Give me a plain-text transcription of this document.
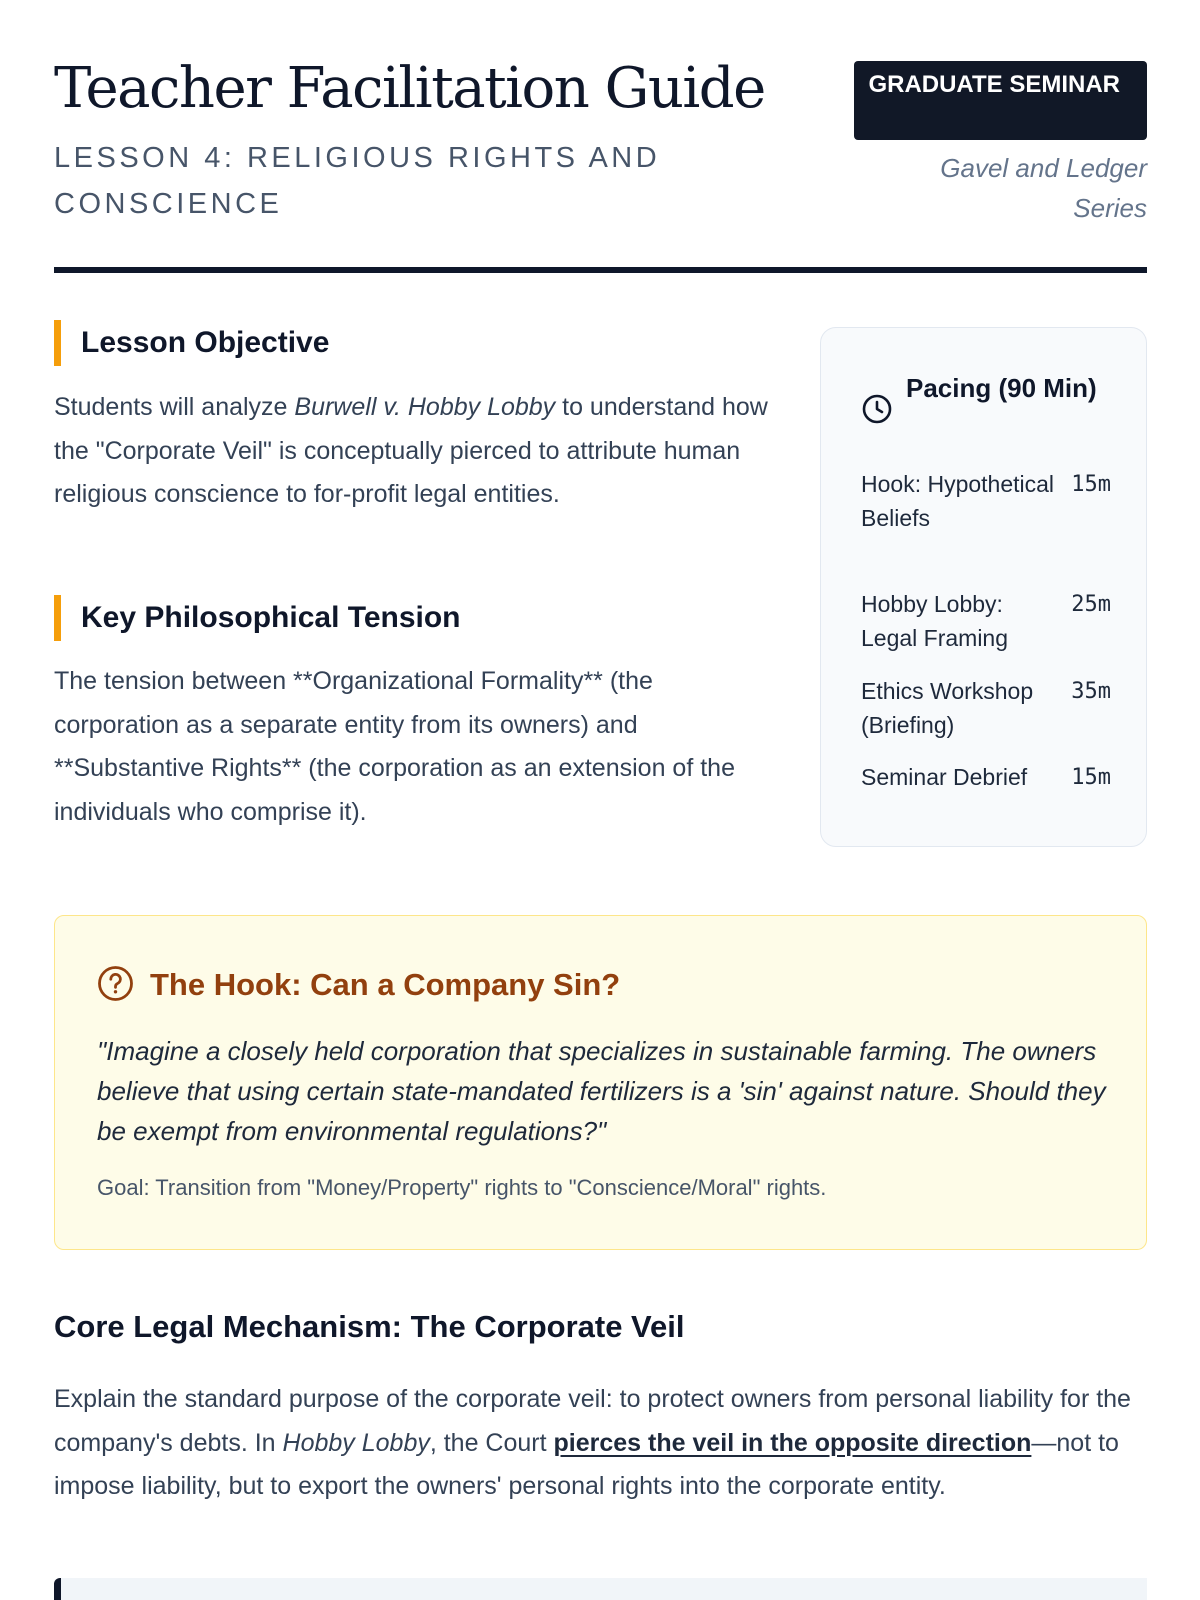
Teacher Facilitation Guide
LESSON 4: RELIGIOUS RIGHTS AND CONSCIENCE
GRADUATE SEMINAR
Gavel and Ledger Series
Lesson Objective

Students will analyze Burwell v. Hobby Lobby to understand how the "Corporate Veil" is conceptually pierced to attribute human religious conscience to for-profit legal entities.

Key Philosophical Tension

The tension between **Organizational Formality** (the corporation as a separate entity from its owners) and **Substantive Rights** (the corporation as an extension of the individuals who comprise it).

Pacing (90 Min)
Hook: Hypothetical Beliefs
15m
Hobby Lobby: Legal Framing
25m
Ethics Workshop (Briefing)
35m
Seminar Debrief	15m
The Hook: Can a Company Sin?

"Imagine a closely held corporation that specializes in sustainable farming. The owners believe that using certain state-mandated fertilizers is a 'sin' against nature. Should they be exempt from environmental regulations?"

Goal: Transition from "Money/Property" rights to "Conscience/Moral" rights.

Core Legal Mechanism: The Corporate Veil

Explain the standard purpose of the corporate veil: to protect owners from personal liability for the company's debts. In Hobby Lobby, the Court pierces the veil in the opposite direction—not to impose liability, but to export the owners' personal rights into the corporate entity.
